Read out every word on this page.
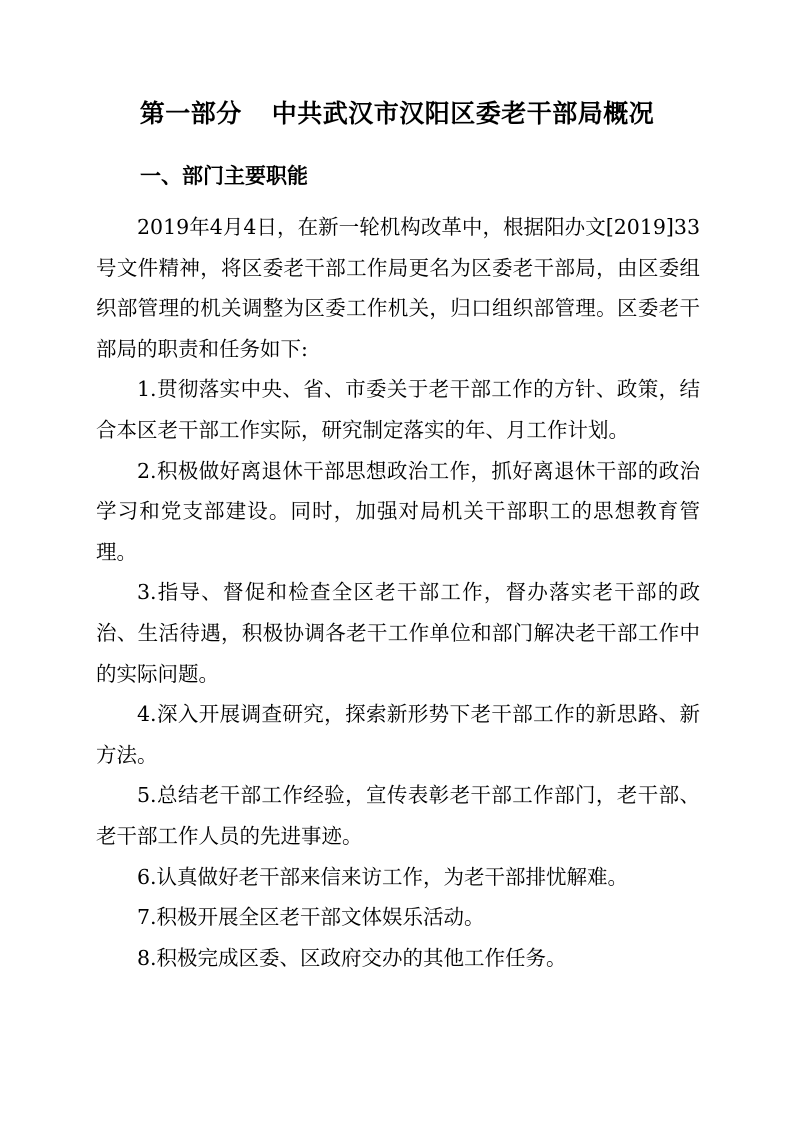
第一部分 中共武汉市汉阳区委老干部局概况
一、部门主要职能

2019年4月4日，在新一轮机构改革中，根据阳办文[2019]33号文件精神，将区委老干部工作局更名为区委老干部局，由区委组织部管理的机关调整为区委工作机关，归口组织部管理。区委老干部局的职责和任务如下:

1.贯彻落实中央、省、市委关于老干部工作的方针、政策，结合本区老干部工作实际，研究制定落实的年、月工作计划。

2.积极做好离退休干部思想政治工作，抓好离退休干部的政治学习和党支部建设。同时，加强对局机关干部职工的思想教育管理。

3.指导、督促和检查全区老干部工作，督办落实老干部的政治、生活待遇，积极协调各老干工作单位和部门解决老干部工作中的实际问题。

4.深入开展调查研究，探索新形势下老干部工作的新思路、新方法。

5.总结老干部工作经验，宣传表彰老干部工作部门，老干部、老干部工作人员的先进事迹。

6.认真做好老干部来信来访工作，为老干部排忧解难。

7.积极开展全区老干部文体娱乐活动。

8.积极完成区委、区政府交办的其他工作任务。
